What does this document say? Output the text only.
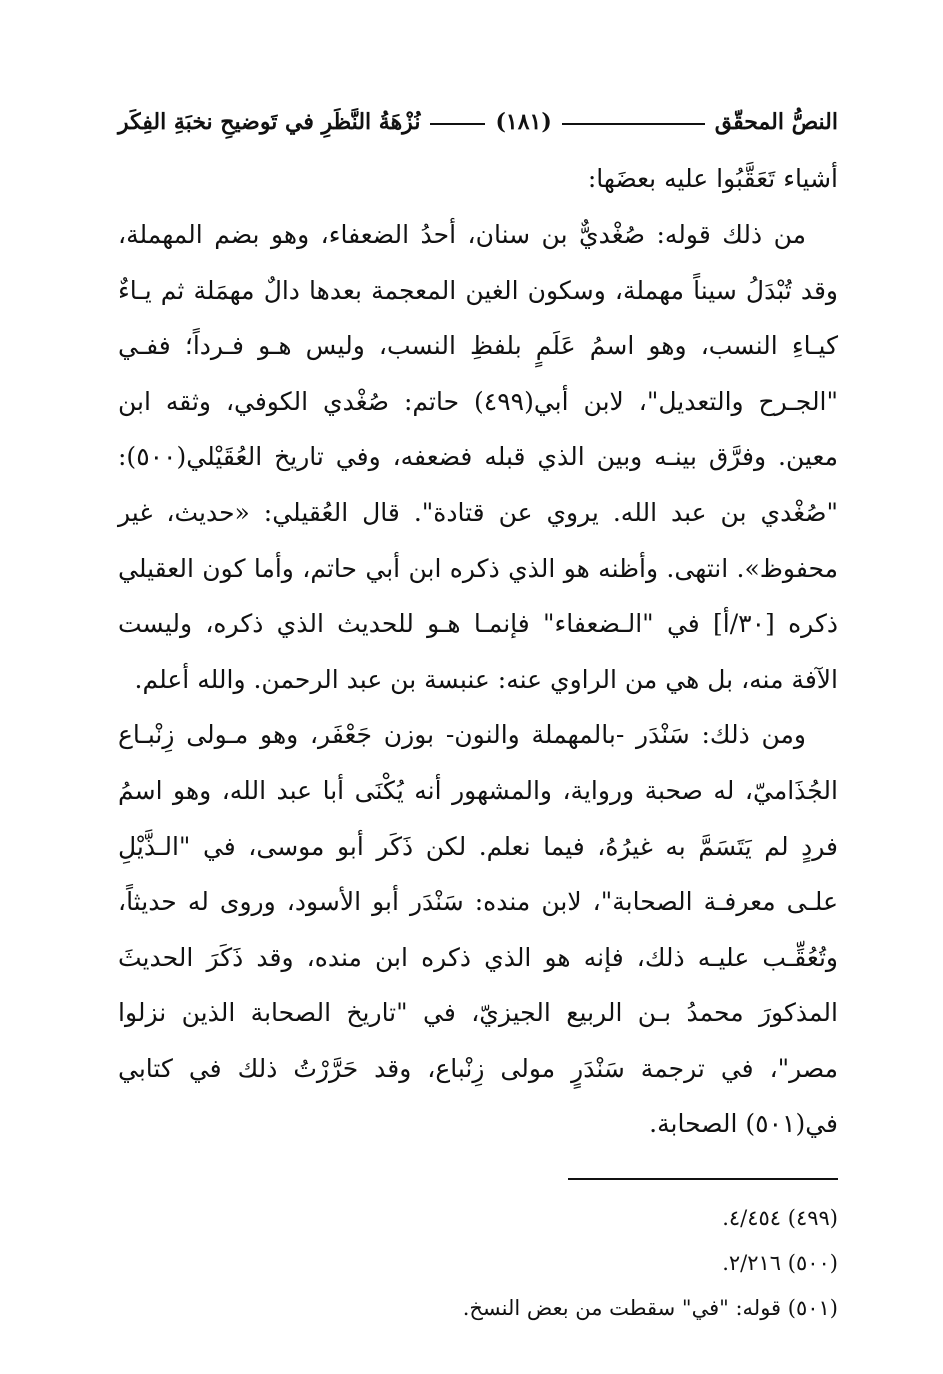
النصُّ المحقّق
(١٨١)
نُزْهَةُ النَّظَرِ في تَوضيحِ نخبَةِ الفِكَر

أشياء تَعَقَّبُوا عليه بعضَها:

من ذلك قوله: صُغْديٌّ بن سنان، أحدُ الضعفاء، وهو بضم المهملة، وقد تُبْدَلُ سيناً مهملة، وسكون الغين المعجمة بعدها دالٌ مهمَلة ثم يـاءٌ كيـاءِ النسب، وهو اسمُ عَلَمٍ بلفظِ النسب، وليس هـو فـرداً؛ ففـي "الجـرح والتعديل"، لابن أبي(٤٩٩) حاتم: صُغْدي الكوفي، وثقه ابن معين. وفرَّق بينـه وبين الذي قبله فضعفه، وفي تاريخ العُقَيْلي(٥٠٠): "صُغْدي بن عبد الله. يروي عن قتادة". قال العُقيلي: «حديث، غير محفوظ». انتهى. وأظنه هو الذي ذكره ابن أبي حاتم، وأما كون العقيلي ذكره [٣٠/أ] في "الـضعفاء" فإنمـا هـو للحديث الذي ذكره، وليست الآفة منه، بل هي من الراوي عنه: عنبسة بن عبد الرحمن. والله أعلم.

ومن ذلك: سَنْدَر -بالمهملة والنون- بوزن جَعْفَر، وهو مـولى زِنْبـاع الجُذَاميّ، له صحبة ورواية، والمشهور أنه يُكْنَى أبا عبد الله، وهو اسمُ فردٍ لم يَتَسَمَّ به غيرُهُ، فيما نعلم. لكن ذَكَر أبو موسى، في "الـذَّيْلِ علـى معرفـة الصحابة"، لابن منده: سَنْدَر أبو الأسود، وروى له حديثاً، وتُعُقِّـب عليـه ذلك، فإنه هو الذي ذكره ابن منده، وقد ذَكَرَ الحديثَ المذكورَ محمدُ بـن الربيع الجيزيّ، في "تاريخ الصحابة الذين نزلوا مصر"، في ترجمة سَنْدَرٍ مولى زِنْباع، وقد حَرَّرْتُ ذلك في كتابي في(٥٠١) الصحابة.

(٤٩٩) ٤/٤٥٤.
(٥٠٠) ٢/٢١٦.
(٥٠١) قوله: "في" سقطت من بعض النسخ.
